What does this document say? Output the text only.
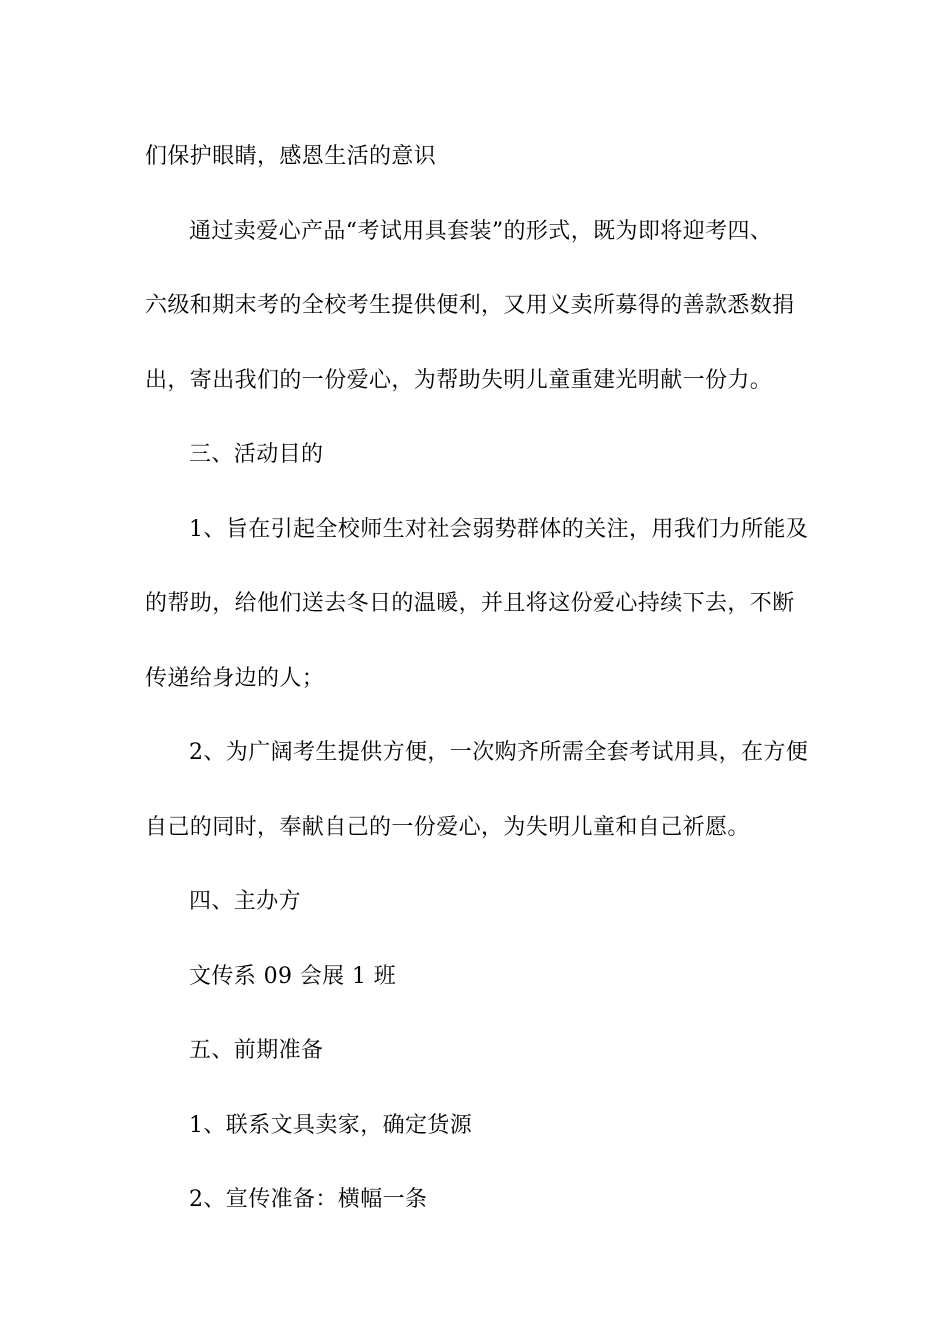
们保护眼睛，感恩生活的意识
通过卖爱心产品“考试用具套装”的形式，既为即将迎考四、
六级和期末考的全校考生提供便利，又用义卖所募得的善款悉数捐
出，寄出我们的一份爱心，为帮助失明儿童重建光明献一份力。
三、活动目的
1、旨在引起全校师生对社会弱势群体的关注，用我们力所能及
的帮助，给他们送去冬日的温暖，并且将这份爱心持续下去，不断
传递给身边的人；
2、为广阔考生提供方便，一次购齐所需全套考试用具，在方便
自己的同时，奉献自己的一份爱心，为失明儿童和自己祈愿。
四、主办方
文传系 09 会展 1 班
五、前期准备
1、联系文具卖家，确定货源
2、宣传准备：横幅一条
